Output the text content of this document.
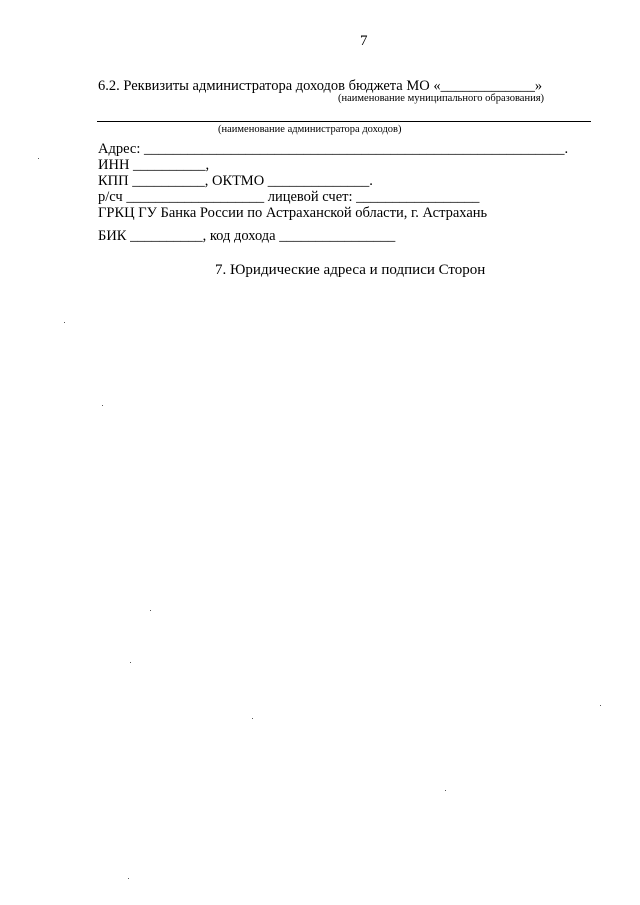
7
6.2. Реквизиты администратора доходов бюджета МО «_____________»
(наименование муниципального образования)
(наименование администратора доходов)
Адрес: __________________________________________________________.
ИНН __________,
КПП __________, ОКТМО ______________.
р/сч ___________________ лицевой счет: _________________
ГРКЦ ГУ Банка России по Астраханской области, г. Астрахань
БИК __________, код дохода ________________
7. Юридические адреса и подписи Сторон
